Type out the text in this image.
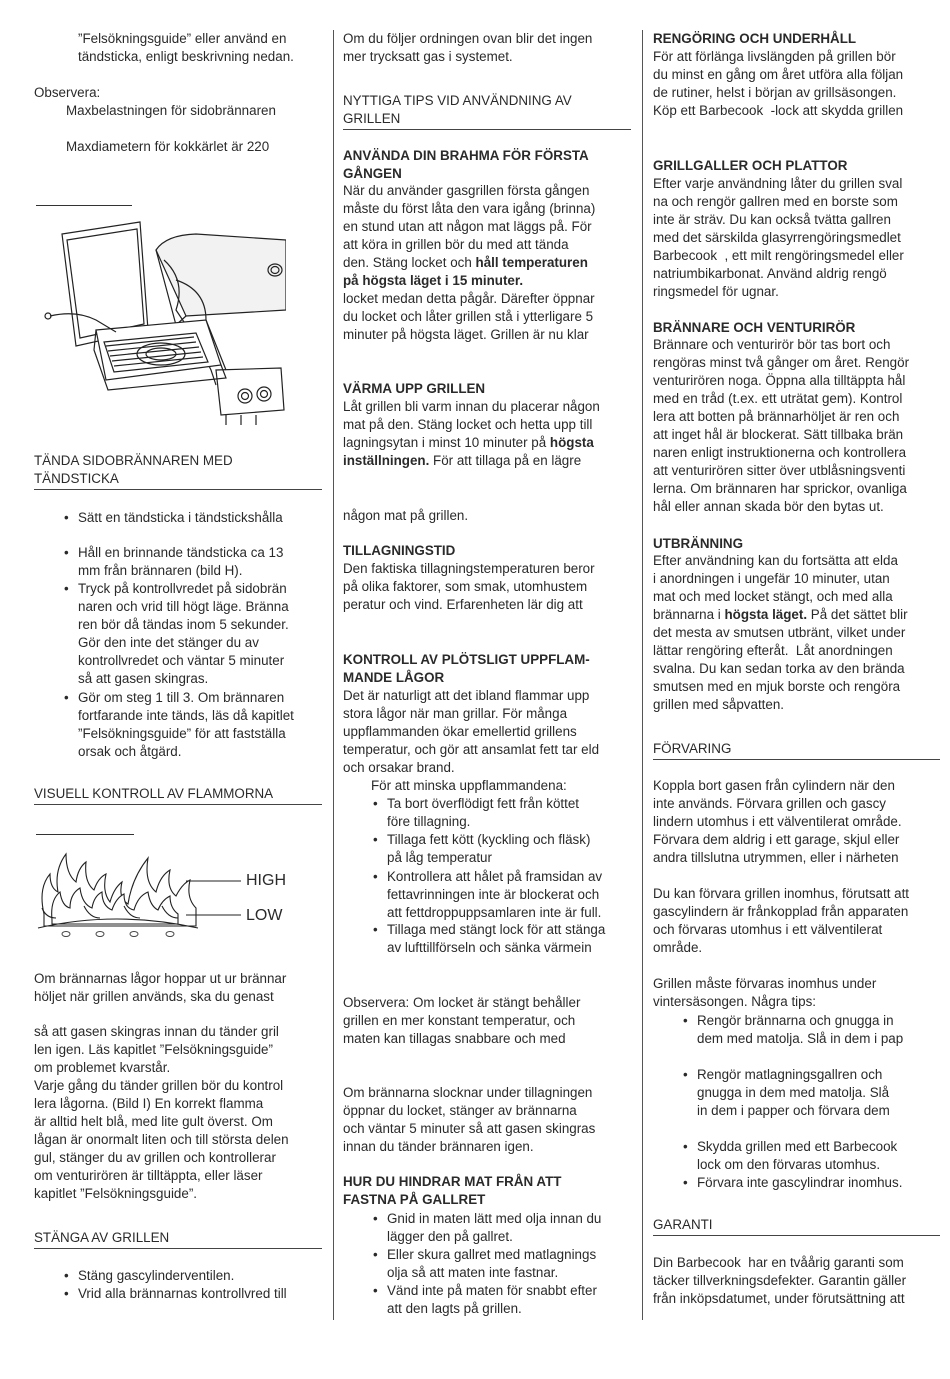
”Felsökningsguide” eller använd en
tändsticka, enligt beskrivning nedan.
Observera:
Maxbelastningen för sidobrännaren
Maxdiametern för kokkärlet är 220
TÄNDA SIDOBRÄNNAREN MED
TÄNDSTICKA
• Sätt en tändsticka i tändstickshålla
• Håll en brinnande tändsticka ca 13
mm från brännaren (bild H).
• Tryck på kontrollvredet på sidobrän
naren och vrid till högt läge. Bränna
ren bör då tändas inom 5 sekunder.
Gör den inte det stänger du av
kontrollvredet och väntar 5 minuter
så att gasen skingras.
• Gör om steg 1 till 3. Om brännaren
fortfarande inte tänds, läs då kapitlet
”Felsökningsguide” för att fastställa
orsak och åtgärd.
VISUELL KONTROLL AV FLAMMORNA
HIGH
LOW
Om brännarnas lågor hoppar ut ur brännar
höljet när grillen används, ska du genast
så att gasen skingras innan du tänder gril
len igen. Läs kapitlet ”Felsökningsguide”
om problemet kvarstår.
Varje gång du tänder grillen bör du kontrol
lera lågorna. (Bild I) En korrekt flamma
är alltid helt blå, med lite gult överst. Om
lågan är onormalt liten och till största delen
gul, stänger du av grillen och kontrollerar
om venturirören är tilltäppta, eller läser
kapitlet ”Felsökningsguide”.
STÄNGA AV GRILLEN
• Stäng gascylinderventilen.
• Vrid alla brännarnas kontrollvred till
Om du följer ordningen ovan blir det ingen
mer trycksatt gas i systemet.
NYTTIGA TIPS VID ANVÄNDNING AV
GRILLEN
ANVÄNDA DIN BRAHMA FÖR FÖRSTA
GÅNGEN
När du använder gasgrillen första gången
måste du först låta den vara igång (brinna)
en stund utan att någon mat läggs på. För
att köra in grillen bör du med att tända
den. Stäng locket och håll temperaturen
på högsta läget i 15 minuter.
locket medan detta pågår. Därefter öppnar
du locket och låter grillen stå i ytterligare 5
minuter på högsta läget. Grillen är nu klar
VÄRMA UPP GRILLEN
Låt grillen bli varm innan du placerar någon
mat på den. Stäng locket och hetta upp till
lagningsytan i minst 10 minuter på högsta
inställningen. För att tillaga på en lägre
någon mat på grillen.
TILLAGNINGSTID
Den faktiska tillagningstemperaturen beror
på olika faktorer, som smak, utomhustem
peratur och vind. Erfarenheten lär dig att
KONTROLL AV PLÖTSLIGT UPPFLAM-
MANDE LÅGOR
Det är naturligt att det ibland flammar upp
stora lågor när man grillar. För många
uppflammanden ökar emellertid grillens
temperatur, och gör att ansamlat fett tar eld
och orsakar brand.
För att minska uppflammandena:
• Ta bort överflödigt fett från köttet
före tillagning.
• Tillaga fett kött (kyckling och fläsk)
på låg temperatur
• Kontrollera att hålet på framsidan av
fettavrinningen inte är blockerat och
att fettdroppuppsamlaren inte är full.
• Tillaga med stängt lock för att stänga
av lufttillförseln och sänka värmein
Observera: Om locket är stängt behåller
grillen en mer konstant temperatur, och
maten kan tillagas snabbare och med
Om brännarna slocknar under tillagningen
öppnar du locket, stänger av brännarna
och väntar 5 minuter så att gasen skingras
innan du tänder brännaren igen.
HUR DU HINDRAR MAT FRÅN ATT
FASTNA PÅ GALLRET
• Gnid in maten lätt med olja innan du
lägger den på gallret.
• Eller skura gallret med matlagnings
olja så att maten inte fastnar.
• Vänd inte på maten för snabbt efter
att den lagts på grillen.
RENGÖRING OCH UNDERHÅLL
För att förlänga livslängden på grillen bör
du minst en gång om året utföra alla följan
de rutiner, helst i början av grillsäsongen.
Köp ett Barbecook  -lock att skydda grillen
GRILLGALLER OCH PLATTOR
Efter varje användning låter du grillen sval
na och rengör gallren med en borste som
inte är sträv. Du kan också tvätta gallren
med det särskilda glasyrrengöringsmedlet
Barbecook  , ett milt rengöringsmedel eller
natriumbikarbonat. Använd aldrig rengö
ringsmedel för ugnar.
BRÄNNARE OCH VENTURIRÖR
Brännare och venturirör bör tas bort och
rengöras minst två gånger om året. Rengör
venturirören noga. Öppna alla tilltäppta hål
med en tråd (t.ex. ett uträtat gem). Kontrol
lera att botten på brännarhöljet är ren och
att inget hål är blockerat. Sätt tillbaka brän
naren enligt instruktionerna och kontrollera
att venturirören sitter över utblåsningsventi
lerna. Om brännaren har sprickor, ovanliga
hål eller annan skada bör den bytas ut.
UTBRÄNNING
Efter användning kan du fortsätta att elda
i anordningen i ungefär 10 minuter, utan
mat och med locket stängt, och med alla
brännarna i högsta läget. På det sättet blir
det mesta av smutsen utbränt, vilket under
lättar rengöring efteråt.  Låt anordningen
svalna. Du kan sedan torka av den brända
smutsen med en mjuk borste och rengöra
grillen med såpvatten.
FÖRVARING
Koppla bort gasen från cylindern när den
inte används. Förvara grillen och gascy
lindern utomhus i ett välventilerat område.
Förvara dem aldrig i ett garage, skjul eller
andra tillslutna utrymmen, eller i närheten
Du kan förvara grillen inomhus, förutsatt att
gascylindern är frånkopplad från apparaten
och förvaras utomhus i ett välventilerat
område.
Grillen måste förvaras inomhus under
vintersäsongen. Några tips:
• Rengör brännarna och gnugga in
dem med matolja. Slå in dem i pap
• Rengör matlagningsgallren och
gnugga in dem med matolja. Slå
in dem i papper och förvara dem
• Skydda grillen med ett Barbecook
lock om den förvaras utomhus.
• Förvara inte gascylindrar inomhus.
GARANTI
Din Barbecook  har en tvåårig garanti som
täcker tillverkningsdefekter. Garantin gäller
från inköpsdatumet, under förutsättning att
